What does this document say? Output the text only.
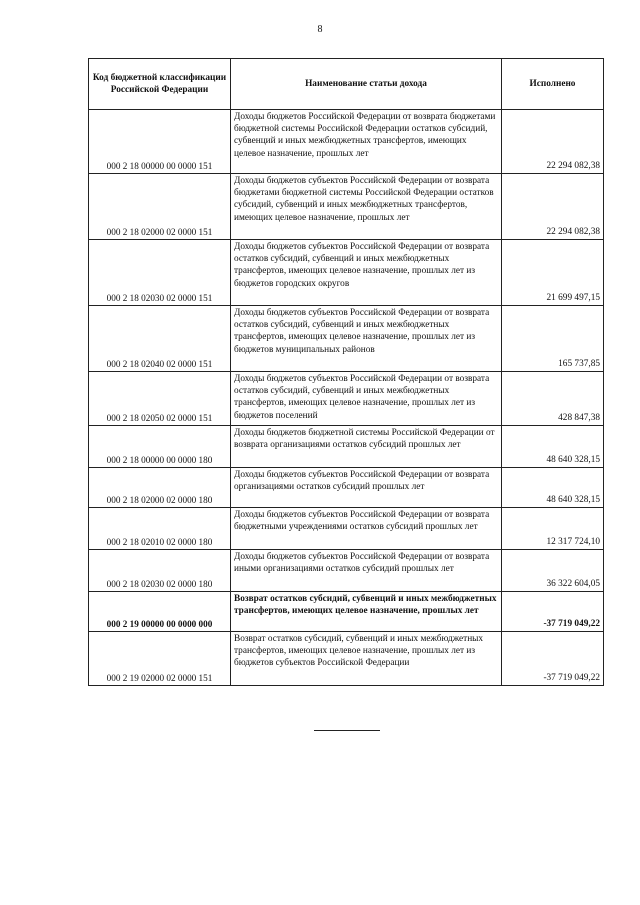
8
Код бюджетной классификации Российской Федерации	Наименование статьи дохода	Исполнено
000 2 18 00000 00 0000 151	Доходы бюджетов Российской Федерации от возврата бюджетами бюджетной системы Российской Федерации остатков субсидий, субвенций и иных межбюджетных трансфертов, имеющих целевое назначение, прошлых лет	22 294 082,38
000 2 18 02000 02 0000 151	Доходы бюджетов субъектов Российской Федерации от возврата бюджетами бюджетной системы Российской Федерации остатков субсидий, субвенций и иных межбюджетных трансфертов, имеющих целевое назначение, прошлых лет	22 294 082,38
000 2 18 02030 02 0000 151	Доходы бюджетов субъектов Российской Федерации от возврата остатков субсидий, субвенций и иных межбюджетных трансфертов, имеющих целевое назначение, прошлых лет из бюджетов городских округов	21 699 497,15
000 2 18 02040 02 0000 151	Доходы бюджетов субъектов Российской Федерации от возврата остатков субсидий, субвенций и иных межбюджетных трансфертов, имеющих целевое назначение, прошлых лет из бюджетов муниципальных районов	165 737,85
000 2 18 02050 02 0000 151	Доходы бюджетов субъектов Российской Федерации от возврата остатков субсидий, субвенций и иных межбюджетных трансфертов, имеющих целевое назначение, прошлых лет из бюджетов поселений	428 847,38
000 2 18 00000 00 0000 180	Доходы бюджетов бюджетной системы Российской Федерации от возврата организациями остатков субсидий прошлых лет	48 640 328,15
000 2 18 02000 02 0000 180	Доходы бюджетов субъектов Российской Федерации от возврата организациями остатков субсидий прошлых лет	48 640 328,15
000 2 18 02010 02 0000 180	Доходы бюджетов субъектов Российской Федерации от возврата бюджетными учреждениями остатков субсидий прошлых лет	12 317 724,10
000 2 18 02030 02 0000 180	Доходы бюджетов субъектов Российской Федерации от возврата иными организациями остатков субсидий прошлых лет	36 322 604,05
000 2 19 00000 00 0000 000	Возврат остатков субсидий, субвенций и иных межбюджетных трансфертов, имеющих целевое назначение, прошлых лет	-37 719 049,22
000 2 19 02000 02 0000 151	Возврат остатков субсидий, субвенций и иных межбюджетных трансфертов, имеющих целевое назначение, прошлых лет из бюджетов субъектов Российской Федерации	-37 719 049,22
